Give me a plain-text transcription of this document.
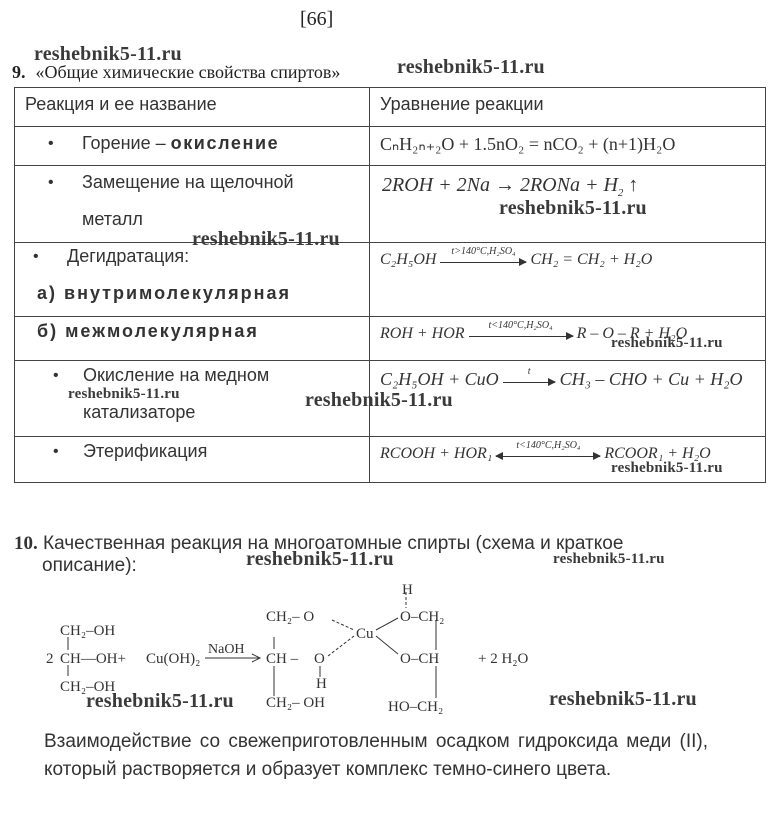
[66]
9. «Общие химические свойства спиртов»
Реакция и ее название	Уравнение реакции

• Горение – окисление	CₙH₂ₙ₊₂O + 1.5nO₂ = nCO₂ + (n+1)H₂O

• Замещение на щелочной
металл	2ROH + 2Na → 2RONa + $H_2$ ↑

• Дегидратация:
а) внутримолекулярная	C₂H₅OH t>140°C,H₂SO₄ CH₂ = CH₂ + H₂O

б) межмолекулярная	ROH + HOR t<140°C,H₂SO₄ R – O – R + H₂O

• Окисление на медном
катализаторе	C₂H₅OH + CuO t CH₃ – CHO + Cu + H₂O

• Этерификация	RCOOH + HOR₁ t<140°C,H₂SO₄ RCOOR₁ + H₂O
10. Качественная реакция на многоатомные спирты (схема и краткое
описание):
CH₂–OH
2 CH—OH+
CH₂–OH
Cu(OH)₂
NaOH
CH₂– O
CH – O
H
CH₂– OH
Cu
H
O–CH₂
O–CH	+ 2 H₂O
HO–CH₂
Взаимодействие со свежеприготовленным осадком гидроксида меди (II), который растворяется и образует комплекс темно-синего цвета.
reshebnik5-11.ru
reshebnik5-11.ru
reshebnik5-11.ru
reshebnik5-11.ru
reshebnik5-11.ru
reshebnik5-11.ru	reshebnik5-11.ru
reshebnik5-11.ru
reshebnik5-11.ru	reshebnik5-11.ru
reshebnik5-11.ru	reshebnik5-11.ru
